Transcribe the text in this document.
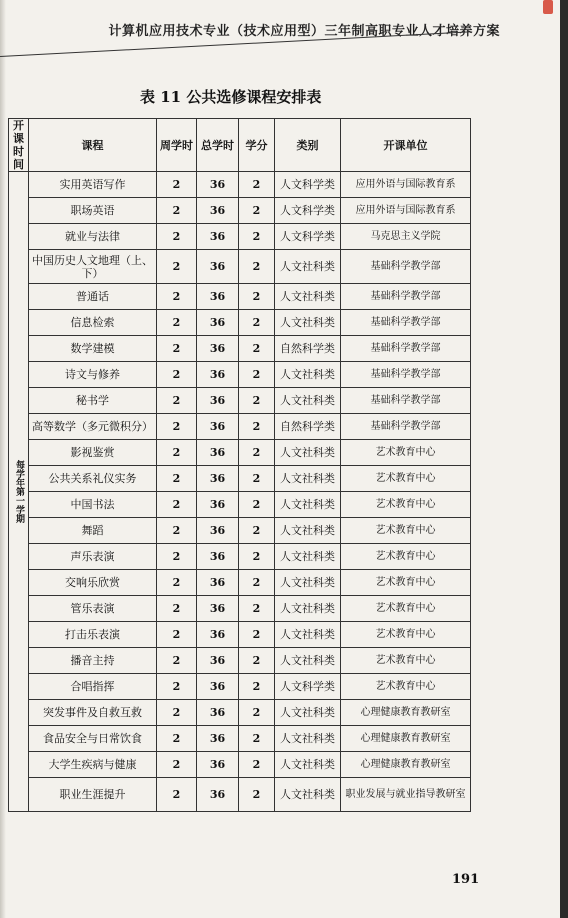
计算机应用技术专业（技术应用型）三年制高职专业人才培养方案
表 11 公共选修课程安排表
开课时间	课程	周学时	总学时	学分	类别	开课单位
每学年第一学期	实用英语写作	2	36	2	人文科学类	应用外语与国际教育系
	职场英语	2	36	2	人文科学类	应用外语与国际教育系
	就业与法律	2	36	2	人文科学类	马克思主义学院
	中国历史人文地理（上、下）	2	36	2	人文社科类	基础科学教学部
	普通话	2	36	2	人文社科类	基础科学教学部
	信息检索	2	36	2	人文社科类	基础科学教学部
	数学建模	2	36	2	自然科学类	基础科学教学部
	诗文与修养	2	36	2	人文社科类	基础科学教学部
	秘书学	2	36	2	人文社科类	基础科学教学部
	高等数学（多元微积分）	2	36	2	自然科学类	基础科学教学部
	影视鉴赏	2	36	2	人文社科类	艺术教育中心
	公共关系礼仪实务	2	36	2	人文社科类	艺术教育中心
	中国书法	2	36	2	人文社科类	艺术教育中心
	舞蹈	2	36	2	人文社科类	艺术教育中心
	声乐表演	2	36	2	人文社科类	艺术教育中心
	交响乐欣赏	2	36	2	人文社科类	艺术教育中心
	管乐表演	2	36	2	人文社科类	艺术教育中心
	打击乐表演	2	36	2	人文社科类	艺术教育中心
	播音主持	2	36	2	人文社科类	艺术教育中心
	合唱指挥	2	36	2	人文科学类	艺术教育中心
	突发事件及自救互救	2	36	2	人文社科类	心理健康教育教研室
	食品安全与日常饮食	2	36	2	人文社科类	心理健康教育教研室
	大学生疾病与健康	2	36	2	人文社科类	心理健康教育教研室
	职业生涯提升	2	36	2	人文社科类	职业发展与就业指导教研室
191
